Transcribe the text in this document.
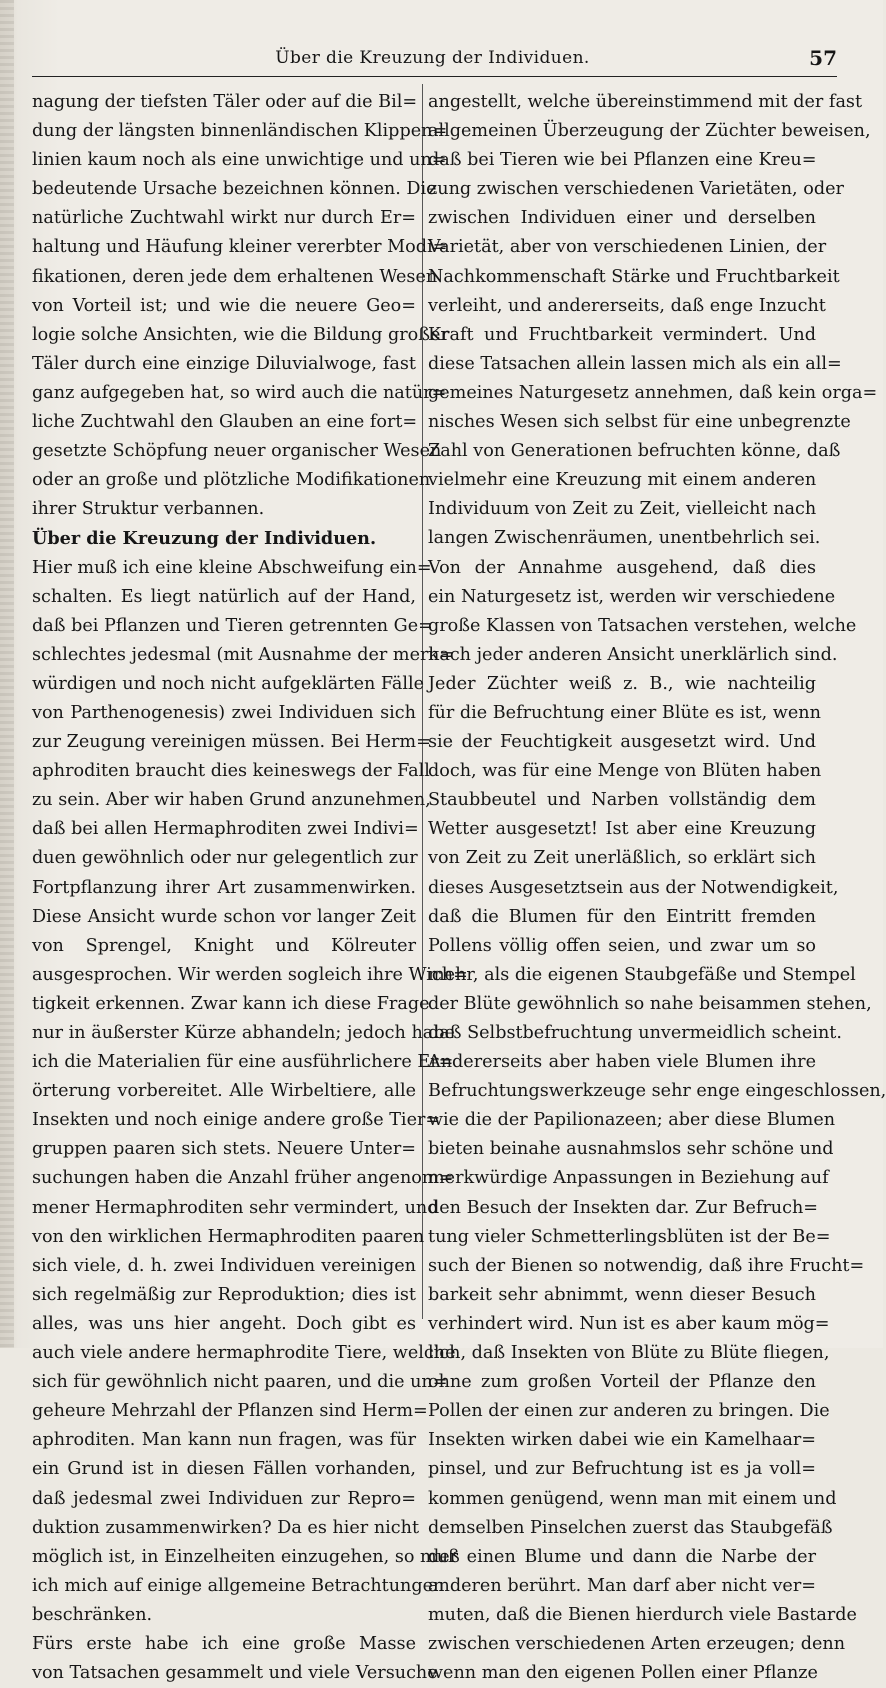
Über die Kreuzung der Individuen.	57
nagung der tiefsten Täler oder auf die Bil=
dung der längsten binnenländischen Klippen=
linien kaum noch als eine unwichtige und un=
bedeutende Ursache bezeichnen können. Die
natürliche Zuchtwahl wirkt nur durch Er=
haltung und Häufung kleiner vererbter Modi=
fikationen, deren jede dem erhaltenen Wesen
von Vorteil ist; und wie die neuere Geo=
logie solche Ansichten, wie die Bildung großer
Täler durch eine einzige Diluvialwoge, fast
ganz aufgegeben hat, so wird auch die natür=
liche Zuchtwahl den Glauben an eine fort=
gesetzte Schöpfung neuer organischer Wesen
oder an große und plötzliche Modifikationen
ihrer Struktur verbannen.
Über die Kreuzung der Individuen.
Hier muß ich eine kleine Abschweifung ein=
schalten. Es liegt natürlich auf der Hand,
daß bei Pflanzen und Tieren getrennten Ge=
schlechtes jedesmal (mit Ausnahme der merk=
würdigen und noch nicht aufgeklärten Fälle
von Parthenogenesis) zwei Individuen sich
zur Zeugung vereinigen müssen. Bei Herm=
aphroditen braucht dies keineswegs der Fall
zu sein. Aber wir haben Grund anzunehmen,
daß bei allen Hermaphroditen zwei Indivi=
duen gewöhnlich oder nur gelegentlich zur
Fortpflanzung ihrer Art zusammenwirken.
Diese Ansicht wurde schon vor langer Zeit
von Sprengel, Knight und Kölreuter
ausgesprochen. Wir werden sogleich ihre Wich=
tigkeit erkennen. Zwar kann ich diese Frage
nur in äußerster Kürze abhandeln; jedoch habe
ich die Materialien für eine ausführlichere Er=
örterung vorbereitet. Alle Wirbeltiere, alle
Insekten und noch einige andere große Tier=
gruppen paaren sich stets. Neuere Unter=
suchungen haben die Anzahl früher angenom=
mener Hermaphroditen sehr vermindert, und
von den wirklichen Hermaphroditen paaren
sich viele, d. h. zwei Individuen vereinigen
sich regelmäßig zur Reproduktion; dies ist
alles, was uns hier angeht. Doch gibt es
auch viele andere hermaphrodite Tiere, welche
sich für gewöhnlich nicht paaren, und die un=
geheure Mehrzahl der Pflanzen sind Herm=
aphroditen. Man kann nun fragen, was für
ein Grund ist in diesen Fällen vorhanden,
daß jedesmal zwei Individuen zur Repro=
duktion zusammenwirken? Da es hier nicht
möglich ist, in Einzelheiten einzugehen, so muß
ich mich auf einige allgemeine Betrachtungen
beschränken.
Fürs erste habe ich eine große Masse
von Tatsachen gesammelt und viele Versuche
angestellt, welche übereinstimmend mit der fast
allgemeinen Überzeugung der Züchter beweisen,
daß bei Tieren wie bei Pflanzen eine Kreu=
zung zwischen verschiedenen Varietäten, oder
zwischen Individuen einer und derselben
Varietät, aber von verschiedenen Linien, der
Nachkommenschaft Stärke und Fruchtbarkeit
verleiht, und andererseits, daß enge Inzucht
Kraft und Fruchtbarkeit vermindert. Und
diese Tatsachen allein lassen mich als ein all=
gemeines Naturgesetz annehmen, daß kein orga=
nisches Wesen sich selbst für eine unbegrenzte
Zahl von Generationen befruchten könne, daß
vielmehr eine Kreuzung mit einem anderen
Individuum von Zeit zu Zeit, vielleicht nach
langen Zwischenräumen, unentbehrlich sei.
Von der Annahme ausgehend, daß dies
ein Naturgesetz ist, werden wir verschiedene
große Klassen von Tatsachen verstehen, welche
nach jeder anderen Ansicht unerklärlich sind.
Jeder Züchter weiß z. B., wie nachteilig
für die Befruchtung einer Blüte es ist, wenn
sie der Feuchtigkeit ausgesetzt wird. Und
doch, was für eine Menge von Blüten haben
Staubbeutel und Narben vollständig dem
Wetter ausgesetzt! Ist aber eine Kreuzung
von Zeit zu Zeit unerläßlich, so erklärt sich
dieses Ausgesetztsein aus der Notwendigkeit,
daß die Blumen für den Eintritt fremden
Pollens völlig offen seien, und zwar um so
mehr, als die eigenen Staubgefäße und Stempel
der Blüte gewöhnlich so nahe beisammen stehen,
daß Selbstbefruchtung unvermeidlich scheint.
Andererseits aber haben viele Blumen ihre
Befruchtungswerkzeuge sehr enge eingeschlossen,
wie die der Papilionazeen; aber diese Blumen
bieten beinahe ausnahmslos sehr schöne und
merkwürdige Anpassungen in Beziehung auf
den Besuch der Insekten dar. Zur Befruch=
tung vieler Schmetterlingsblüten ist der Be=
such der Bienen so notwendig, daß ihre Frucht=
barkeit sehr abnimmt, wenn dieser Besuch
verhindert wird. Nun ist es aber kaum mög=
lich, daß Insekten von Blüte zu Blüte fliegen,
ohne zum großen Vorteil der Pflanze den
Pollen der einen zur anderen zu bringen. Die
Insekten wirken dabei wie ein Kamelhaar=
pinsel, und zur Befruchtung ist es ja voll=
kommen genügend, wenn man mit einem und
demselben Pinselchen zuerst das Staubgefäß
der einen Blume und dann die Narbe der
anderen berührt. Man darf aber nicht ver=
muten, daß die Bienen hierdurch viele Bastarde
zwischen verschiedenen Arten erzeugen; denn
wenn man den eigenen Pollen einer Pflanze
